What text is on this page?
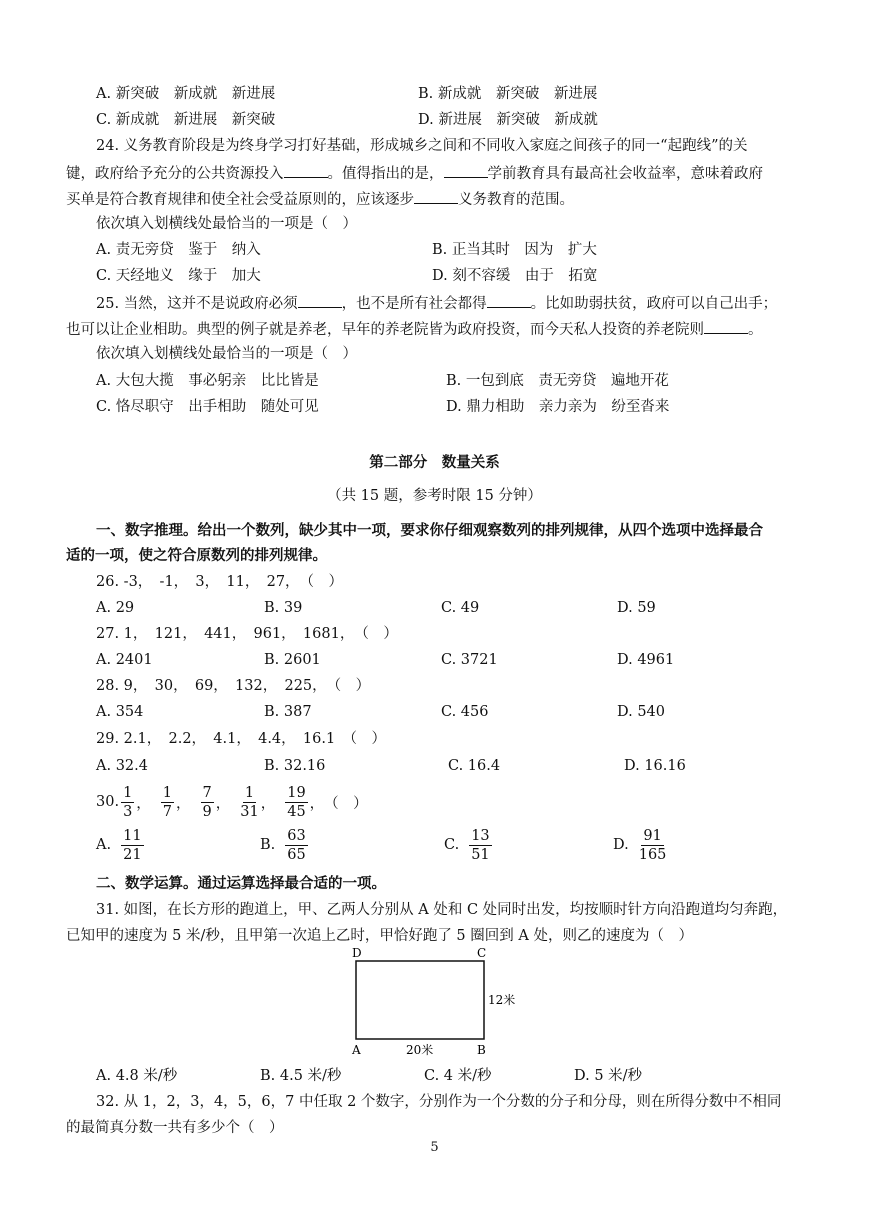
A. 新突破　新成就　新进展	B. 新成就　新突破　新进展
C. 新成就　新进展　新突破	D. 新进展　新突破　新成就
24. 义务教育阶段是为终身学习打好基础，形成城乡之间和不同收入家庭之间孩子的同一“起跑线”的关
键，政府给予充分的公共资源投入	。值得指出的是，	学前教育具有最高社会收益率，意味着政府
买单是符合教育规律和使全社会受益原则的，应该逐步	义务教育的范围。
依次填入划横线处最恰当的一项是（　）
A. 责无旁贷　鉴于　纳入	B. 正当其时　因为　扩大
C. 天经地义　缘于　加大	D. 刻不容缓　由于　拓宽
25. 当然，这并不是说政府必须	，也不是所有社会都得	。比如助弱扶贫，政府可以自己出手；
也可以让企业相助。典型的例子就是养老，早年的养老院皆为政府投资，而今天私人投资的养老院则	。
依次填入划横线处最恰当的一项是（　）
A. 大包大揽　事必躬亲　比比皆是	B. 一包到底　责无旁贷　遍地开花
C. 恪尽职守　出手相助　随处可见	D. 鼎力相助　亲力亲为　纷至沓来
第二部分　数量关系
（共 15 题，参考时限 15 分钟）
一、数字推理。给出一个数列，缺少其中一项，要求你仔细观察数列的排列规律，从四个选项中选择最合
适的一项，使之符合原数列的排列规律。
26. -3，　-1，　3，　11，　27，　（　）
A. 29	B. 39	C. 49	D. 59
27. 1，　121，　441，　961，　1681，　（　）
A. 2401	B. 2601	C. 3721	D. 4961
28. 9，　30，　69，　132，　225，　（　）
A. 354	B. 387	C. 456	D. 540
29. 2.1，　2.2，　4.1，　4.4，　16.1　（　）
A. 32.4	B. 32.16	C. 16.4	D. 16.16
30. $\frac{1}{3}$ ， $\frac{1}{7}$ ， $\frac{7}{9}$ ， $\frac{1}{31}$ ， $\frac{19}{45}$ ， （　）
A. $\frac{11}{21}$	B. $\frac{63}{65}$	C. $\frac{13}{51}$	D. $\frac{91}{165}$
二、数学运算。通过运算选择最合适的一项。
31. 如图，在长方形的跑道上，甲、乙两人分别从 A 处和 C 处同时出发，均按顺时针方向沿跑道均匀奔跑，
已知甲的速度为 5 米/秒，且甲第一次追上乙时，甲恰好跑了 5 圈回到 A 处，则乙的速度为（　）
D	C
A	B
12米
20米
A. 4.8 米/秒	B. 4.5 米/秒	C. 4 米/秒	D. 5 米/秒
32. 从 1，2，3，4，5，6，7 中任取 2 个数字，分别作为一个分数的分子和分母，则在所得分数中不相同
的最简真分数一共有多少个（　）
5
